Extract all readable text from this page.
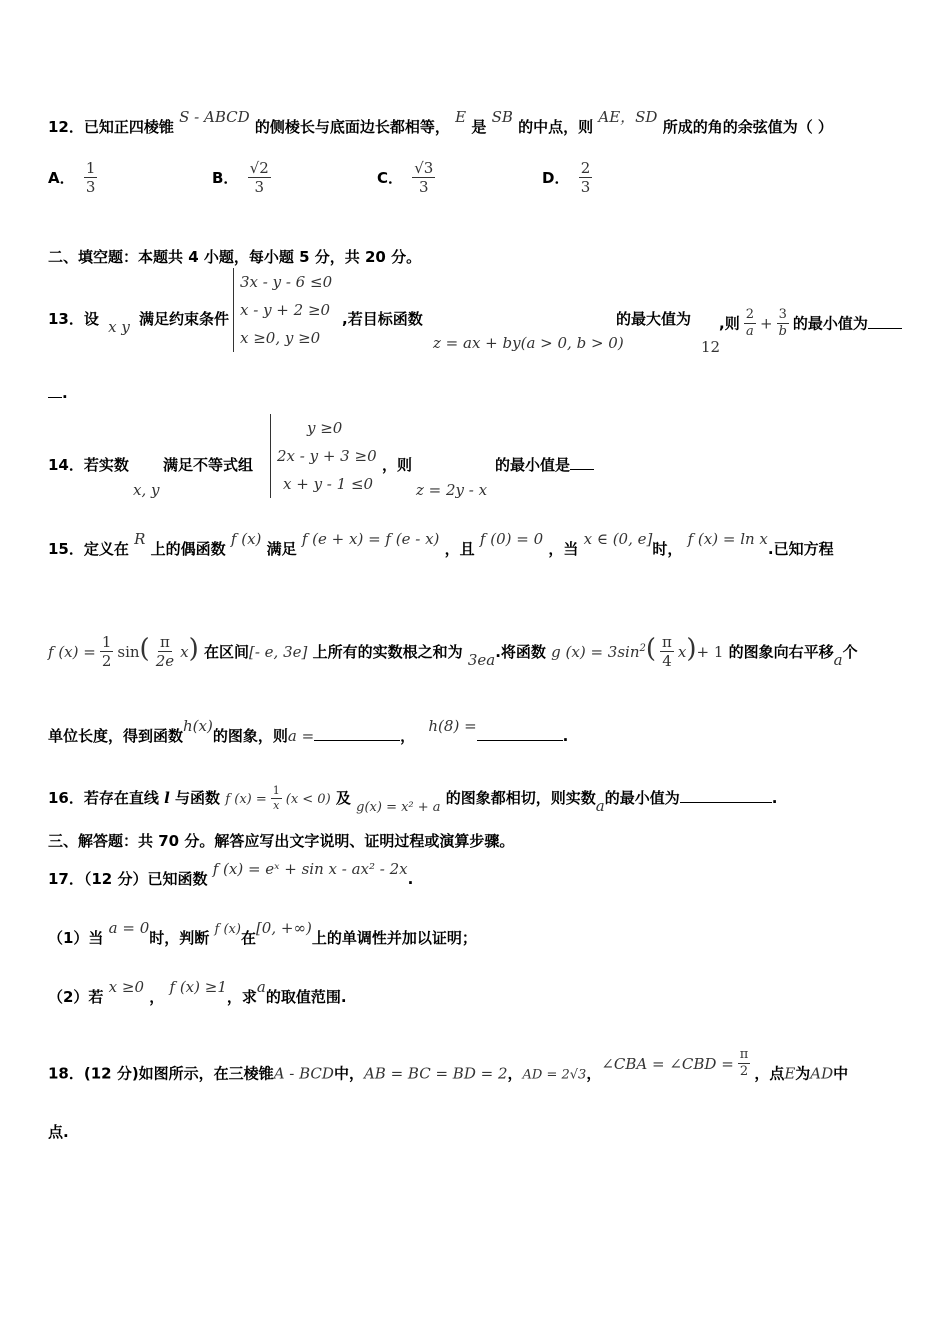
12．已知正四棱锥 S - ABCD 的侧棱长与底面边长都相等， E 是 SB 的中点，则 AE，SD 所成的角的余弦值为（ ）
A． $\frac{1}{3}$	B． $\frac{√2}{3}$	C． $\frac{√3}{3}$	D． $\frac{2}{3}$
二、填空题：本题共 4 小题，每小题 5 分，共 20 分。
13．设 x y 满足约束条件
3x - y - 6 ≤0
x - y + 2 ≥0
x ≥0, y ≥0
,若目标函数
z = ax + by(a > 0, b > 0)
的最大值为
12
,则 $\frac{2}{a} + \frac{3}{b}$ 的最小值为
.
14．若实数
x, y
满足不等式组
y ≥0
2x - y + 3 ≥0
x + y - 1 ≤0
，则
z = 2y - x
的最小值是
15．定义在 R 上的偶函数 f (x) 满足 f (e + x) = f (e - x) ，且 f (0) = 0 ，当 x ∈ (0, e]时， f (x) = ln x.已知方程
f $(x) = \frac{1}{2} \sin( \frac{\pi}{2e} x)$ 在区间[- e, 3e] 上所有的实数根之和为 3ea.将函数 g $(x) = 3\sin^2( \frac{\pi}{4} x)+ 1$ 的图象向右平移a个
单位长度，得到函数h(x)的图象，则a =	， h(8) =.
16．若存在直线 l 与函数 f $(x) = \frac{1}{x} (x < 0)$ 及 g(x) = x² + a 的图象都相切，则实数a的最小值为	.
三、解答题：共 70 分。解答应写出文字说明、证明过程或演算步骤。
17．（12 分）已知函数 f (x) = eˣ + sin x - ax² - 2x.
（1）当 a = 0时，判断 f (x)在[0, +∞)上的单调性并加以证明；
（2）若 x ≥0 ， f (x) ≥1，求a的取值范围.
18．(12 分)如图所示，在三棱锥A - BCD中，AB = BC = BD = 2，AD = 2√3，∠CBA = ∠CBD = $\frac{\pi}{2}$ ，点E为AD中
点.
